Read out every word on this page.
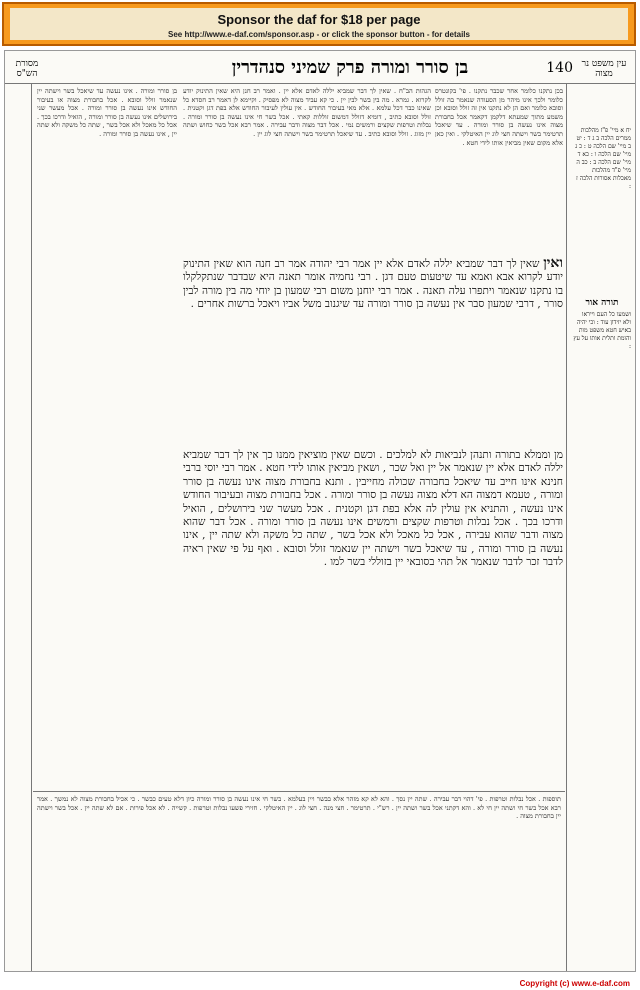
Sponsor the daf for $18 per page
See http://www.e-daf.com/sponsor.asp - or click the sponsor button - for details
מסורת הש"ס	בן סורר ומורה פרק שמיני סנהדרין	140 עין משפט נר מצוה
יח א מיי' פ"ז מהלכות ממרים הלכה ב ג ד : יט ב מיי' שם הלכה ט : כ ג מיי' שם הלכה ו : כא ד מיי' שם הלכה ב : כב ה מיי' פ"ד מהלכות מאכלות אסורות הלכה ז :
תורה אור
ושמעו כל העם וייראו ולא יזידון עוד : וכי יהיה באיש חטא משפט מות והומת ותלית אותו על עץ :
בכן נתקנו כלומר אחר שכבר נתקנו . פי' בקונטרס כלומר ולכך אינו מיהר מן הסעודה שנאמר בה זולל וסובא כלומר ואם הן לא נתקנו אין זה זולל וסובא וכן משמע מתוך שמעתא דלקמן דקאמר אכל בחבורת מצוה אינו נעשה בן סורר ומורה . עד שיאכל תרטימר בשר וישתה חצי לוג יין האיטלקי . ואין כאן אלא מקום שאין מביאין אותו לידי חטא .
בן סורר ומורה . אינו נעשה עד שיאכל בשר וישתה יין שנאמר זולל וסובא . אכל בחבורת מצוה או בעיבור החודש אינו נעשה בן סורר ומורה . אכל מעשר שני בירושלים אינו נעשה בן סורר ומורה , הואיל ודרכו בכך . אכל כל מאכל ולא אכל בשר , שתה כל משקה ולא שתה יין , אינו נעשה בן סורר ומורה .
הגהות הב"ח . שאין לך דבר שמביא יללה לאדם אלא יין . ואמר רב חנן היא שאין התינוק יודע לקרוא . גמרא . מה בין בשר לבין יין . כי קא עביד מצוה לא מפסיק . וקיימא לן דאמר רב חסדא כל שאינו כבר דכל עלמא . אלא מאי בעיבור החודש . אין עולין לעיבור החודש אלא בפת דגן וקטנית . זולל וסובא כתיב , דומיא דזולל דמשום זוללות קאתי . אכל בשר חי אינו נעשה בן סורר ומורה . נבלות וטרפות שקצים ורמשים נמי . אכל דבר מצוה ודבר עבירה . אמר רבא אכל בשר כחוש ושתה יין מזוג . זולל וסובא כתיב . עד שיאכל תרטימר בשר וישתה חצי לוג יין .
ואין שאין לך דבר שמביא יללה לאדם אלא יין אמר רבי יהודה אמר רב חנה הוא שאין התינוק יודע לקרוא אבא ואמא עד שיטעום טעם דגן . רבי נחמיה אומר תאנה היא שבדבר שנתקלקלו בו נתקנו שנאמר ויתפרו עלה תאנה . אמר רבי יוחנן משום רבי שמעון בן יוחי מה בין מורה לבין סורר , דרבי שמעון סבר אין נעשה בן סורר ומורה עד שיגנוב משל אביו ויאכל ברשות אחרים .
מן וממלא בתורה ותנהן לנביאות לא למלכים . וכשם שאין מוציאין ממנו כך אין לך דבר שמביא יללה לאדם אלא יין שנאמר אל יין ואל שכר , ושאין מביאין אותו לידי חטא . אמר רבי יוסי ברבי חנינא אינו חייב עד שיאכל בחבורה שכולה מחייבין . ותנא בחבורת מצוה אינו נעשה בן סורר ומורה , טעמא דמצוה הא דלא מצוה נעשה בן סורר ומורה . אכל בחבורת מצוה ובעיבור החודש אינו נעשה , והתניא אין עולין לה אלא בפת דגן וקטנית . אכל מעשר שני בירושלים , הואיל ודרכו בכך . אכל נבלות וטרפות שקצים ורמשים אינו נעשה בן סורר ומורה . אכל דבר שהוא מצוה ודבר שהוא עבירה , אכל כל מאכל ולא אכל בשר , שתה כל משקה ולא שתה יין , אינו נעשה בן סורר ומורה , עד שיאכל בשר וישתה יין שנאמר זולל וסובא . ואף על פי שאין ראיה לדבר זכר לדבר שנאמר אל תהי בסובאי יין בזוללי בשר למו .
תוספות . אכל נבלות וטרפות . פי' דהוי דבר עבירה . שתה יין נסך . והא לא קא מזהר אלא בבשר ויין בעלמא . בשר חי אינו נעשה בן סורר ומורה כיון דלא טעים כבשר . כי אכיל בחבורת מצוה לא נמשך . אמר רבא אכל בשר חי ושתה יין חי לא . והא דקתני אכל בשר ושתה יין . רש"י . תרטימר . חצי מנה . חצי לוג . יין האיטלקי . חזירי פשעו נבלות וטרפות . קשייה . לא אכל פירות . אם לא שתה יין . אכל בשר וישתה יין בחבורת מצוה .
Copyright (c) www.e-daf.com
